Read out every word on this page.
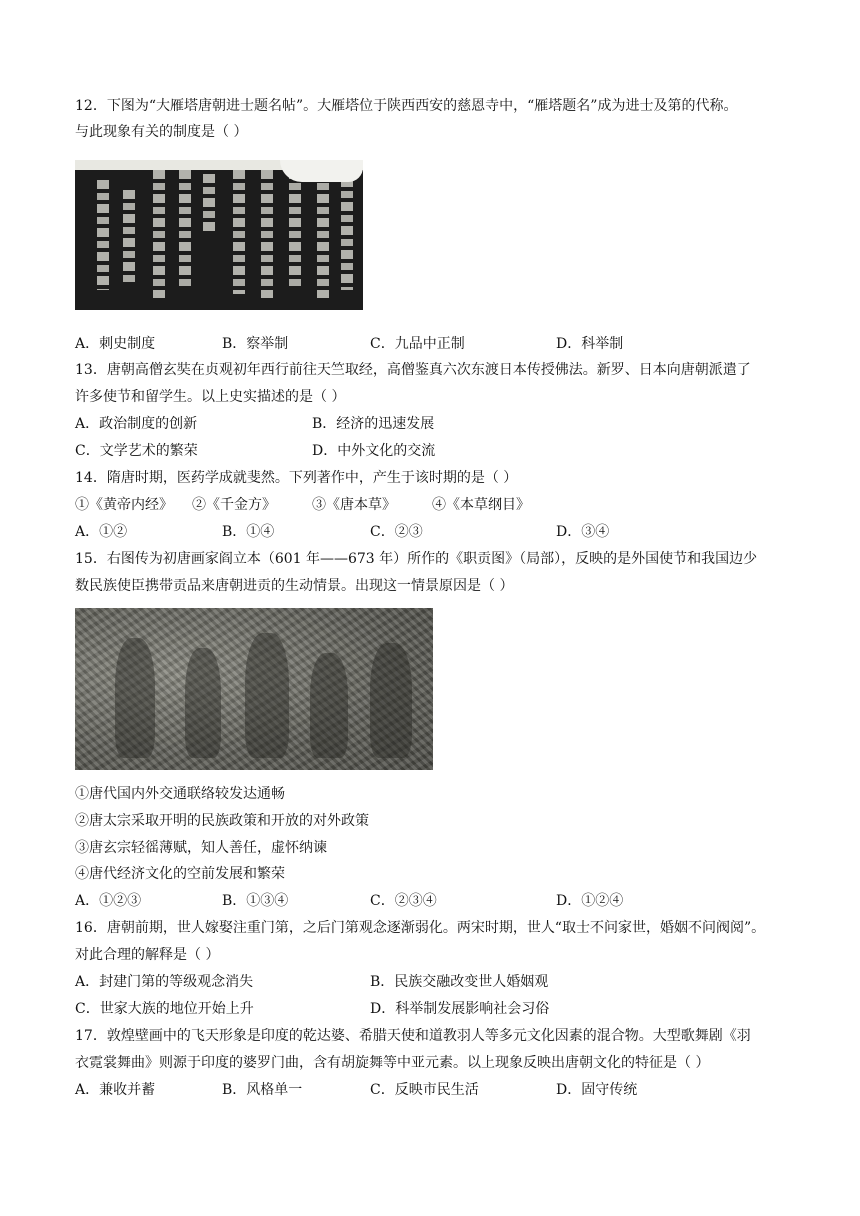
12．下图为“大雁塔唐朝进士题名帖”。大雁塔位于陕西西安的慈恩寺中，“雁塔题名”成为进士及第的代称。
与此现象有关的制度是（ ）
A．刺史制度	B．察举制	C．九品中正制	D．科举制
13．唐朝高僧玄奘在贞观初年西行前往天竺取经，高僧鉴真六次东渡日本传授佛法。新罗、日本向唐朝派遣了
许多使节和留学生。以上史实描述的是（ ）
A．政治制度的创新	B．经济的迅速发展
C．文学艺术的繁荣	D．中外文化的交流
14．隋唐时期，医药学成就斐然。下列著作中，产生于该时期的是（ ）
①《黄帝内经》 ②《千金方》	③《唐本草》	④《本草纲目》
A．①②	B．①④	C．②③	D．③④
15．右图传为初唐画家阎立本（601 年——673 年）所作的《职贡图》（局部），反映的是外国使节和我国边少
数民族使臣携带贡品来唐朝进贡的生动情景。出现这一情景原因是（ ）
①唐代国内外交通联络较发达通畅
②唐太宗采取开明的民族政策和开放的对外政策
③唐玄宗轻徭薄赋，知人善任，虚怀纳谏
④唐代经济文化的空前发展和繁荣
A．①②③	B．①③④	C．②③④	D．①②④
16．唐朝前期，世人嫁娶注重门第，之后门第观念逐渐弱化。两宋时期，世人“取士不问家世，婚姻不问阀阅”。
对此合理的解释是（ ）
A．封建门第的等级观念消失	B．民族交融改变世人婚姻观
C．世家大族的地位开始上升	D．科举制发展影响社会习俗
17．敦煌壁画中的飞天形象是印度的乾达婆、希腊天使和道教羽人等多元文化因素的混合物。大型歌舞剧《羽
衣霓裳舞曲》则源于印度的婆罗门曲，含有胡旋舞等中亚元素。以上现象反映出唐朝文化的特征是（ ）
A．兼收并蓄	B．风格单一	C．反映市民生活	D．固守传统
